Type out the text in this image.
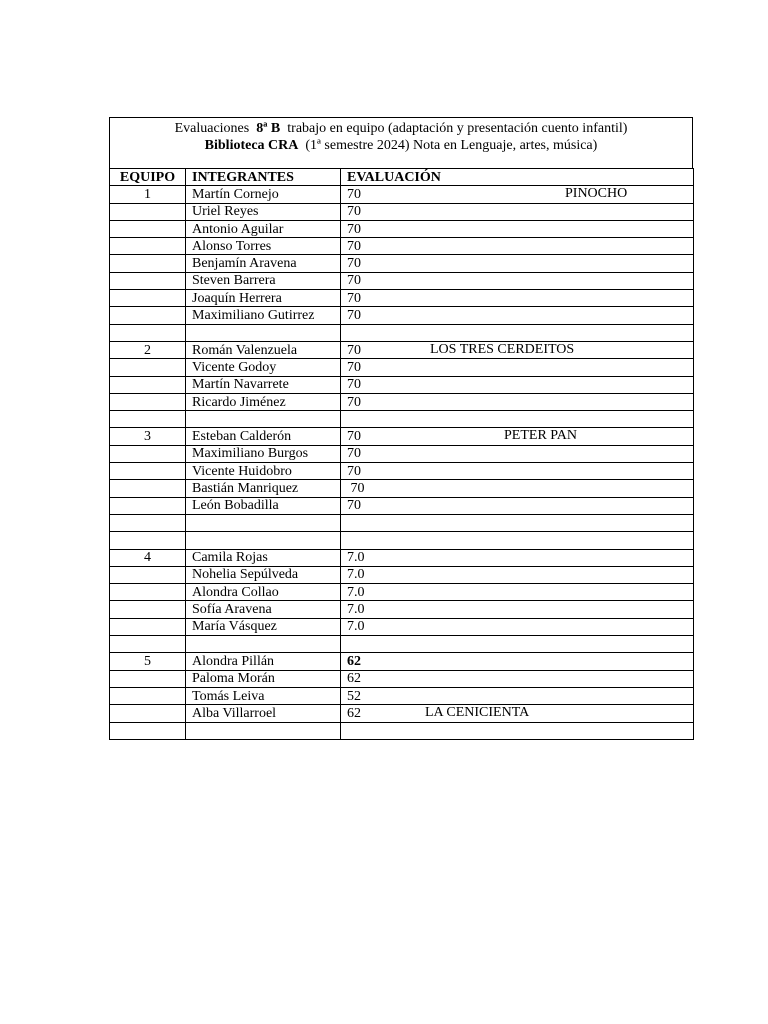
Evaluaciones 8ª B trabajo en equipo (adaptación y presentación cuento infantil)
Biblioteca CRA (1ª semestre 2024) Nota en Lenguaje, artes, música)
EQUIPO	INTEGRANTES	EVALUACIÓN
1	Martín Cornejo	70 PINOCHO

	Uriel Reyes	70
	Antonio Aguilar	70
	Alonso Torres	70
	Benjamín Aravena	70
	Steven Barrera	70
	Joaquín Herrera	70
	Maximiliano Gutirrez	70

2	Román Valenzuela	70 LOS TRES CERDEITOS

	Vicente Godoy	70
	Martín Navarrete	70
	Ricardo Jiménez	70

3	Esteban Calderón	70 PETER PAN

	Maximiliano Burgos	70
	Vicente Huidobro	70
	Bastián Manriquez	70
	León Bobadilla	70

4	Camila Rojas	7.0
	Nohelia Sepúlveda	7.0
	Alondra Collao	7.0
	Sofía Aravena	7.0
	María Vásquez	7.0

5	Alondra Pillán	62
	Paloma Morán	62
	Tomás Leiva	52
	Alba Villarroel	62 LA CENICIENTA
